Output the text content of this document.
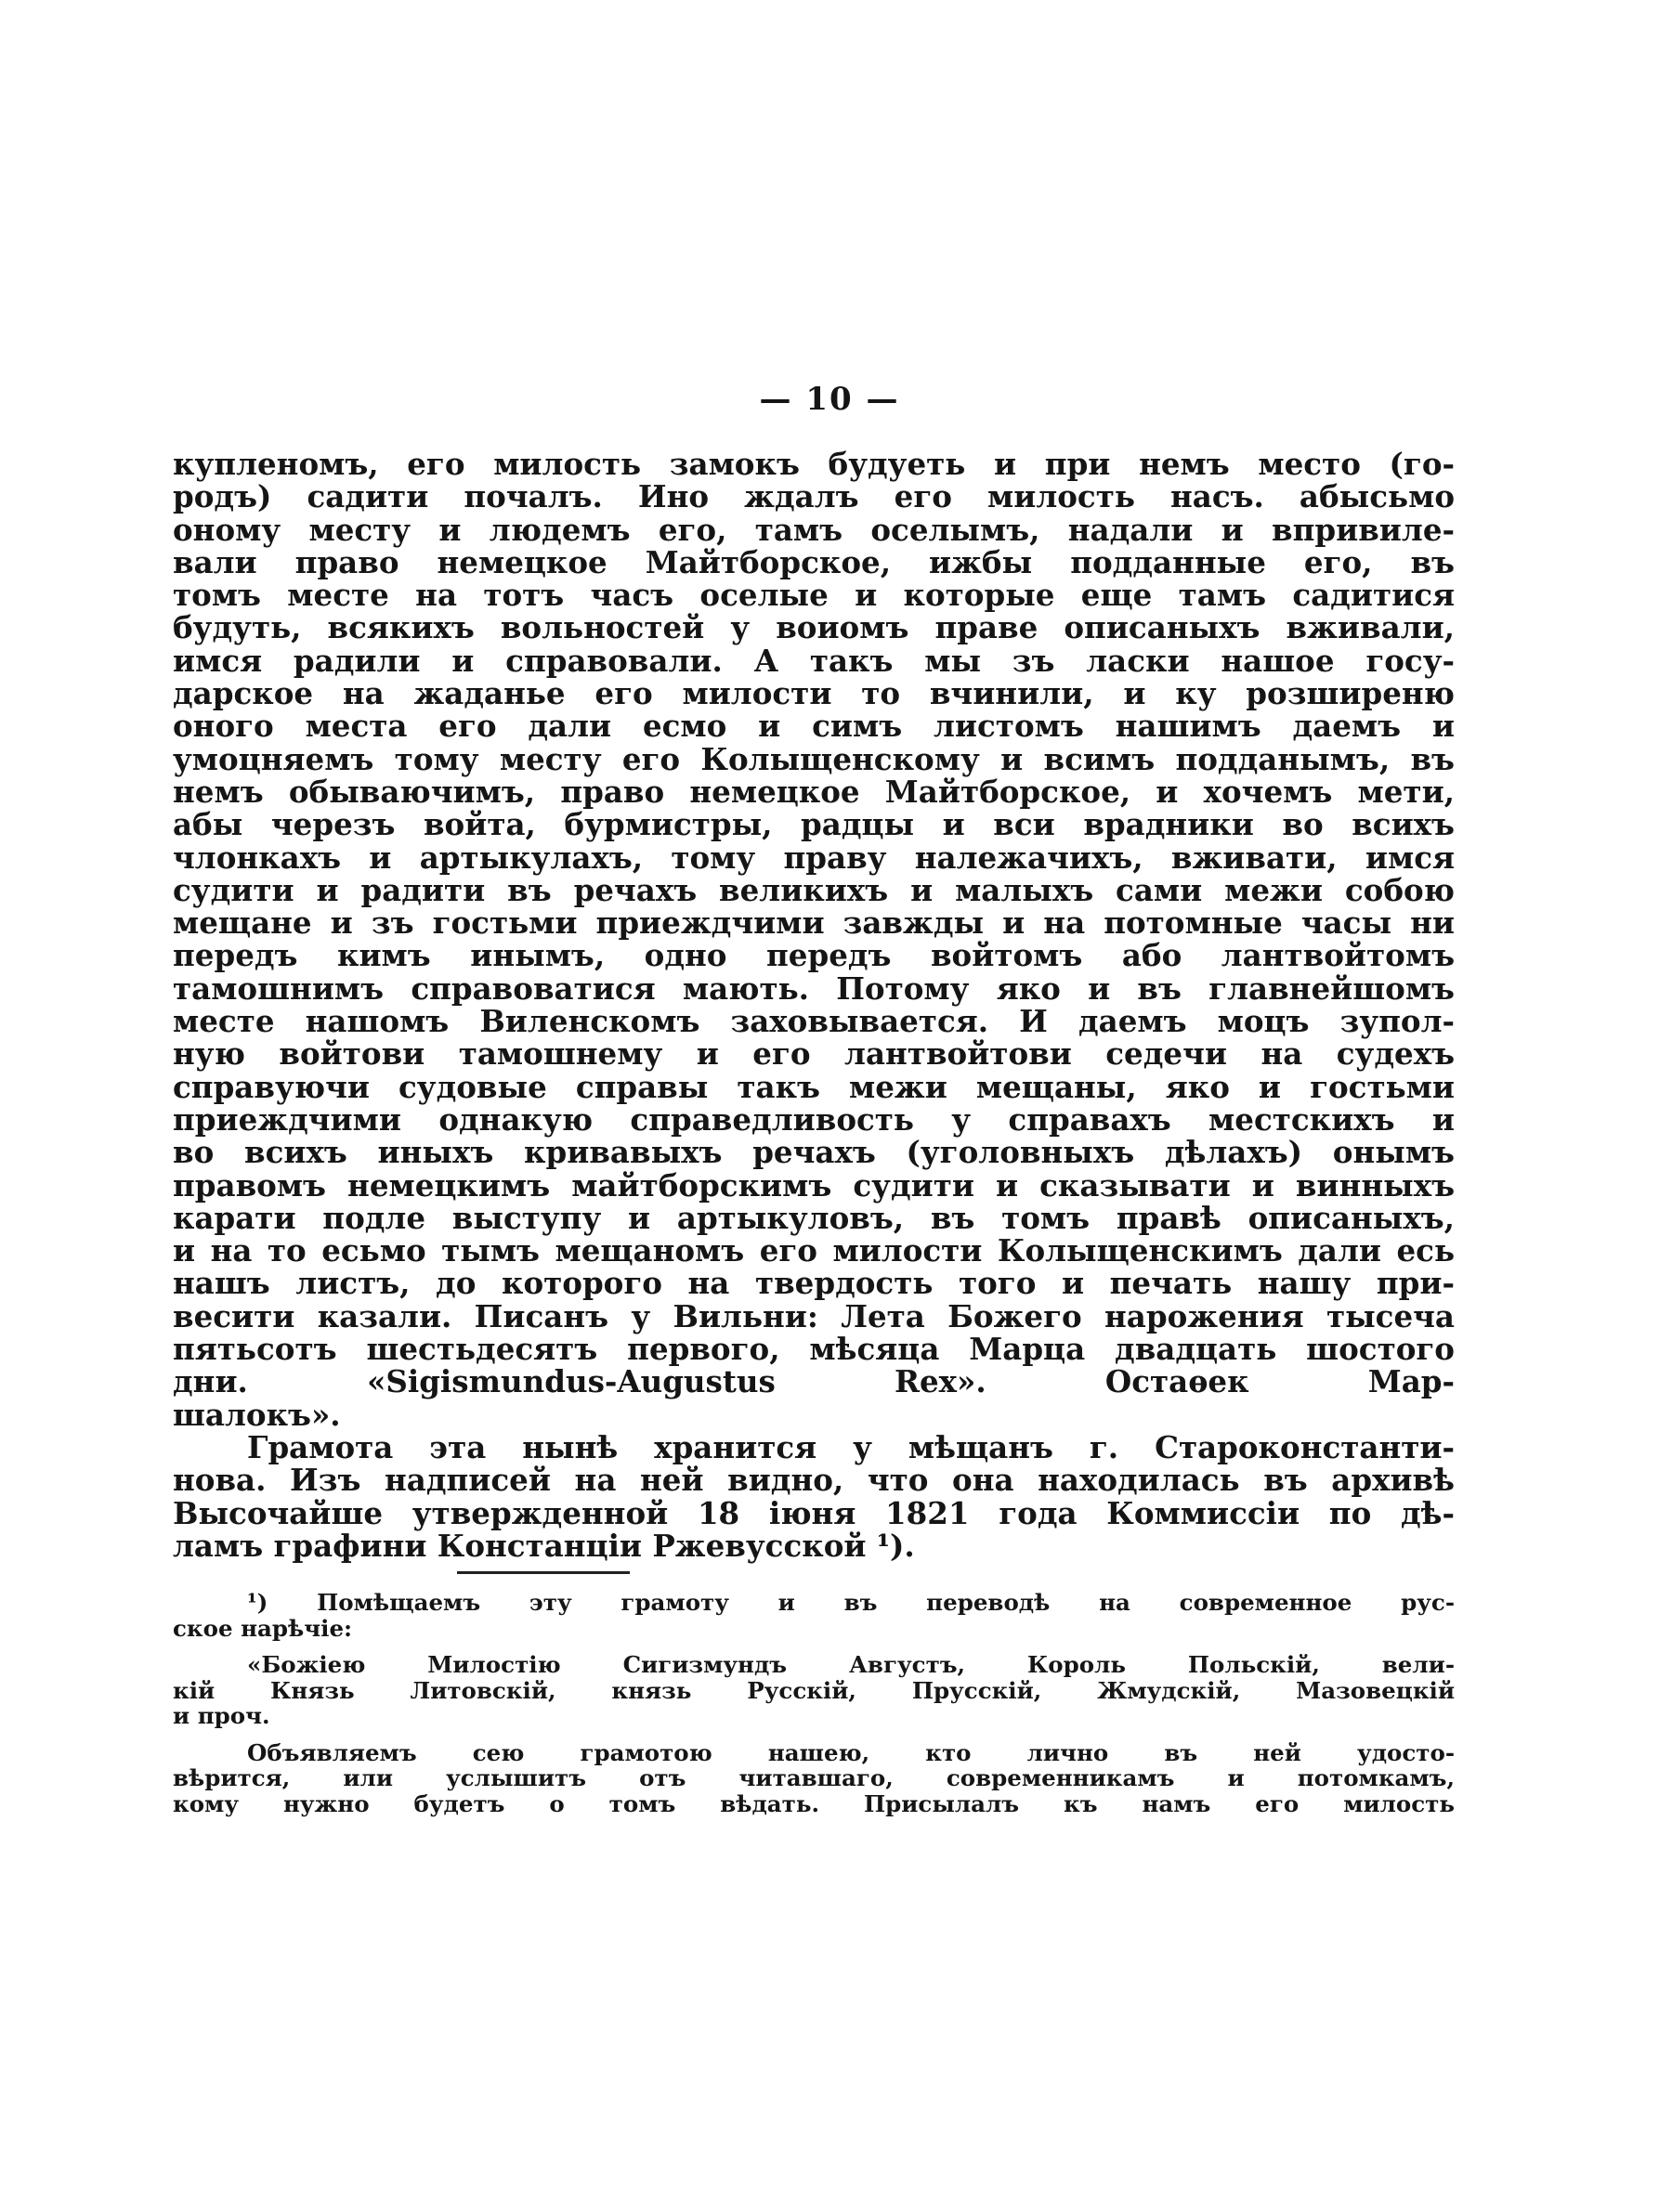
— 10 —
купленомъ, его милость замокъ будуеть и при немъ место (го-
родъ) садити почалъ. Ино ждалъ его милость насъ. абысьмо
оному месту и людемъ его, тамъ оселымъ, надали и впривиле-
вали право немецкое Майтборское, ижбы подданные его, въ
томъ месте на тотъ часъ оселые и которые еще тамъ садитися
будуть, всякихъ вольностей у воиомъ праве описаныхъ вживали,
имся радили и справовали. А такъ мы зъ ласки нашое госу-
дарское на жаданье его милости то вчинили, и ку розширеню
оного места его дали есмо и симъ листомъ нашимъ даемъ и
умоцняемъ тому месту его Колыщенскому и всимъ подданымъ, въ
немъ обываючимъ, право немецкое Майтборское, и хочемъ мети,
абы черезъ войта, бурмистры, радцы и вси врадники во всихъ
члонкахъ и артыкулахъ, тому праву належачихъ, вживати, имся
судити и радити въ речахъ великихъ и малыхъ сами межи собою
мещане и зъ гостьми приеждчими завжды и на потомные часы ни
передъ кимъ инымъ, одно передъ войтомъ або лантвойтомъ
тамошнимъ справоватися мають. Потому яко и въ главнейшомъ
месте нашомъ Виленскомъ заховывается. И даемъ моцъ зупол-
ную войтови тамошнему и его лантвойтови седечи на судехъ
справуючи судовые справы такъ межи мещаны, яко и гостьми
приеждчими однакую справедливость у справахъ местскихъ и
во всихъ иныхъ кривавыхъ речахъ (уголовныхъ дѣлахъ) онымъ
правомъ немецкимъ майтборскимъ судити и сказывати и винныхъ
карати подле выступу и артыкуловъ, въ томъ правѣ описаныхъ,
и на то есьмо тымъ мещаномъ его милости Колыщенскимъ дали есь
нашъ листъ, до которого на твердость того и печать нашу при-
весити казали. Писанъ у Вильни: Лета Божего нарожения тысеча
пятьсотъ шестьдесятъ первого, мѣсяца Марца двадцать шостого
дни. «Sigismundus-Augustus Rex». Остаѳек Мар-
шалокъ».
Грамота эта нынѣ хранится у мѣщанъ г. Староконстанти-
нова. Изъ надписей на ней видно, что она находилась въ архивѣ
Высочайше утвержденной 18 іюня 1821 года Коммиссіи по дѣ-
ламъ графини Констанціи Ржевусской ¹).
¹) Помѣщаемъ эту грамоту и въ переводѣ на современное рус-
ское нарѣчіе:
«Божіею Милостію Сигизмундъ Августъ, Король Польскій, вели-
кій Князь Литовскій, князь Русскій, Прусскій, Жмудскій, Мазовецкій
и проч.
Объявляемъ сею грамотою нашею, кто лично въ ней удосто-
вѣрится, или услышитъ отъ читавшаго, современникамъ и потомкамъ,
кому нужно будетъ о томъ вѣдать. Присылалъ къ намъ его милость
